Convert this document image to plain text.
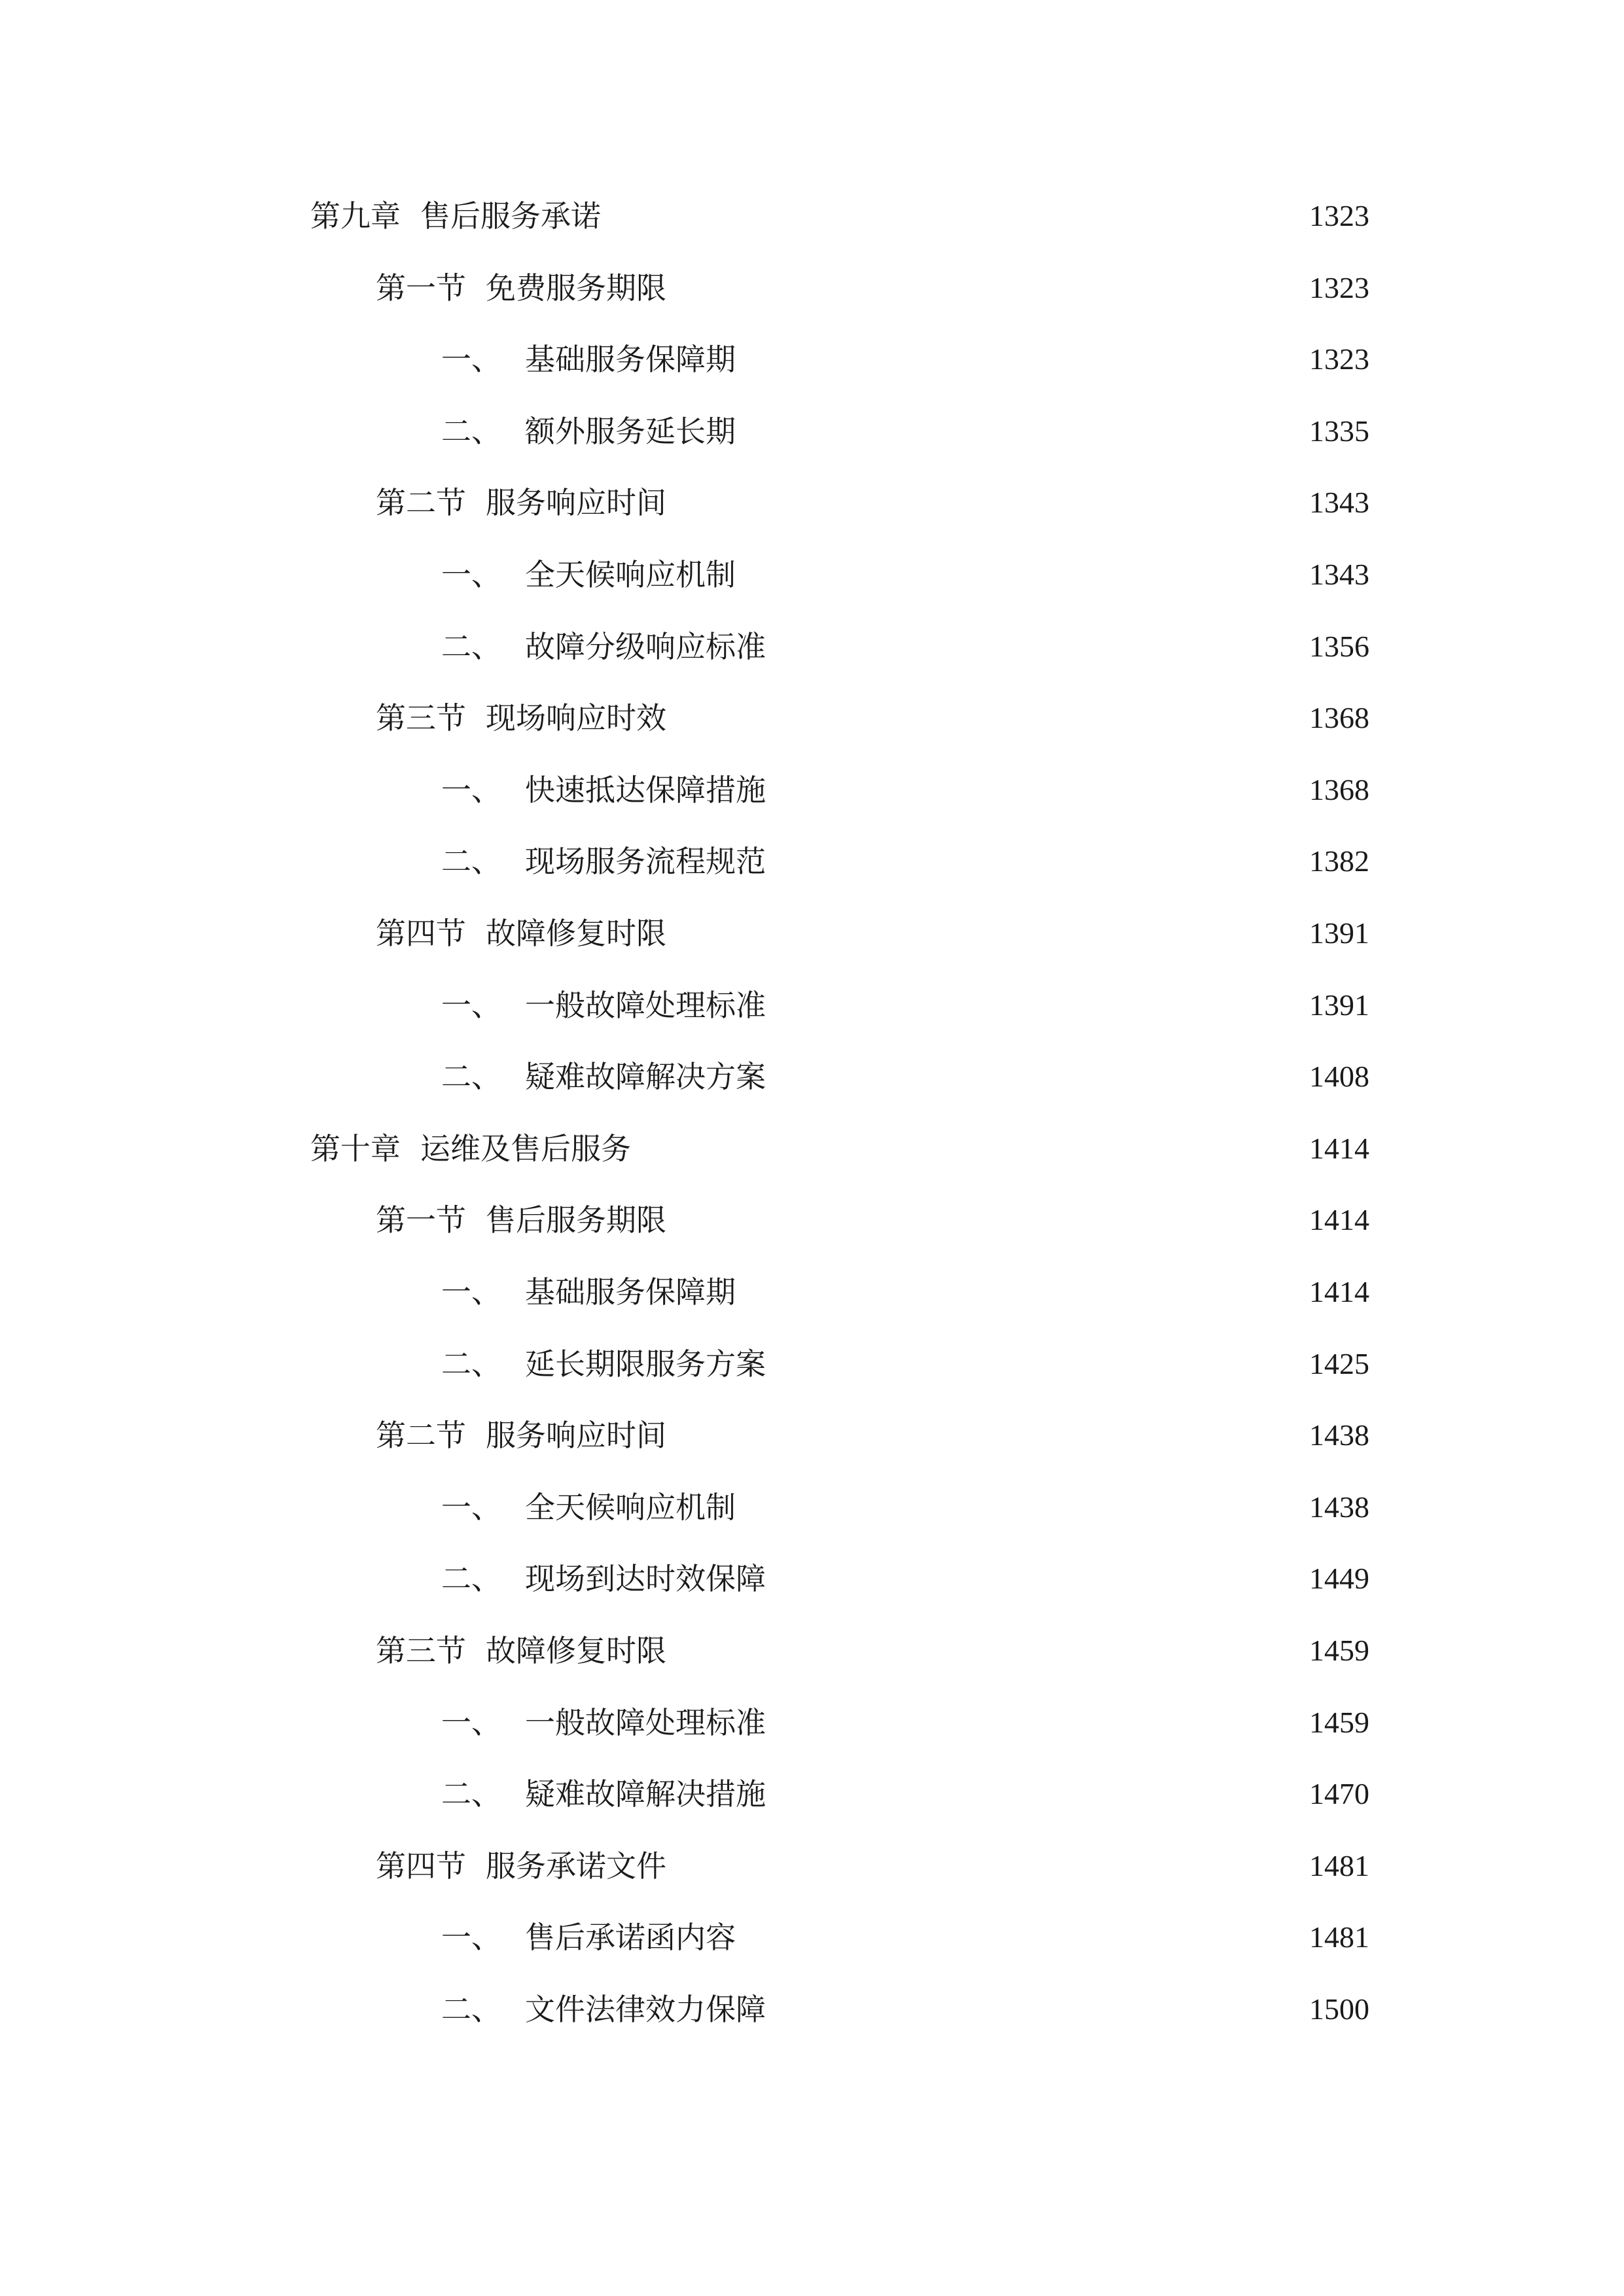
第九章 售后服务承诺	1323
第一节 免费服务期限	1323
一、 基础服务保障期	1323
二、 额外服务延长期	1335
第二节 服务响应时间	1343
一、 全天候响应机制	1343
二、 故障分级响应标准	1356
第三节 现场响应时效	1368
一、 快速抵达保障措施	1368
二、 现场服务流程规范	1382
第四节 故障修复时限	1391
一、 一般故障处理标准	1391
二、 疑难故障解决方案	1408
第十章 运维及售后服务	1414
第一节 售后服务期限	1414
一、 基础服务保障期	1414
二、 延长期限服务方案	1425
第二节 服务响应时间	1438
一、 全天候响应机制	1438
二、 现场到达时效保障	1449
第三节 故障修复时限	1459
一、 一般故障处理标准	1459
二、 疑难故障解决措施	1470
第四节 服务承诺文件	1481
一、 售后承诺函内容	1481
二、 文件法律效力保障	1500
